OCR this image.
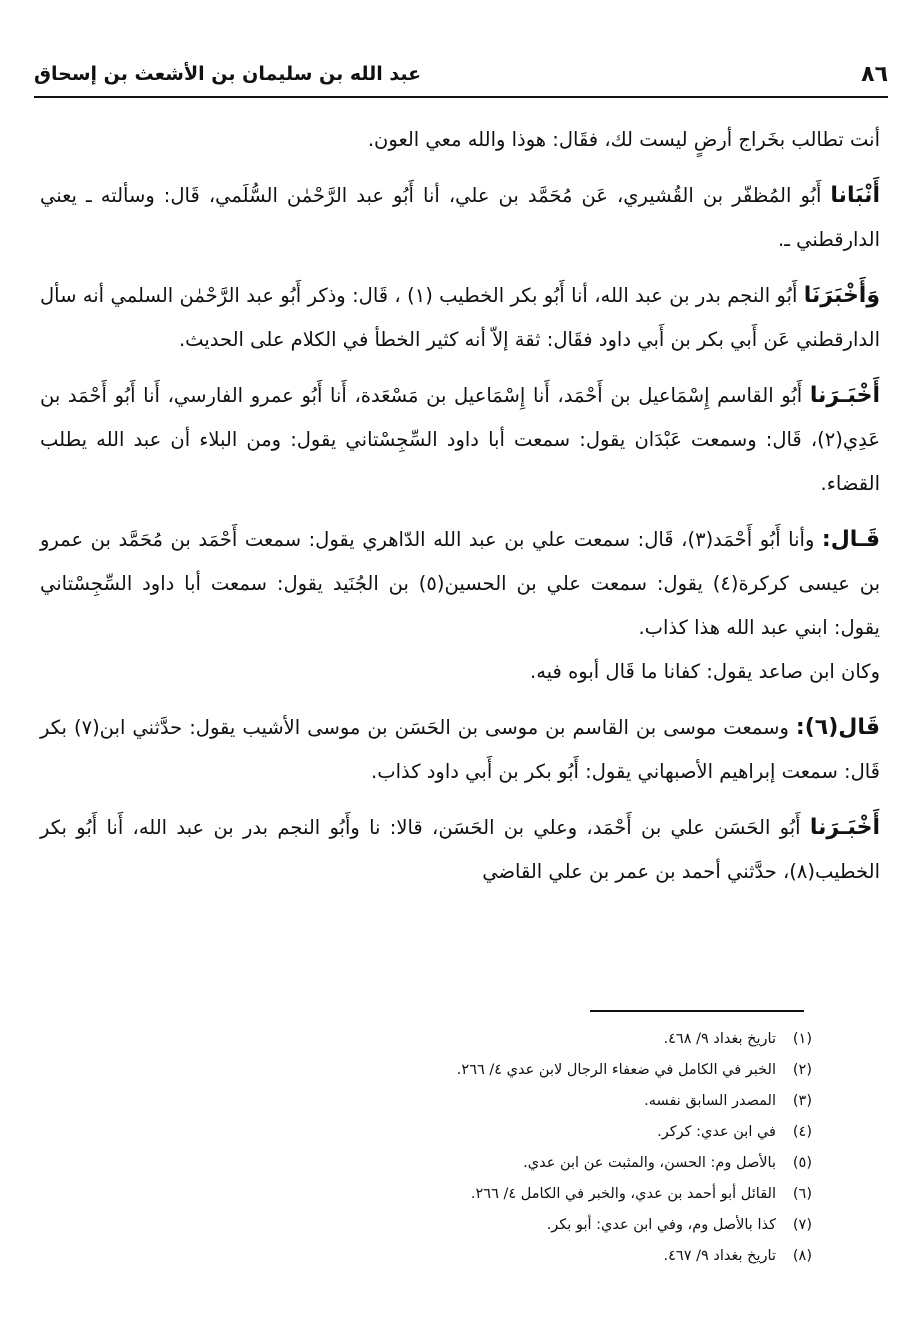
٨٦
عبد الله بن سليمان بن الأشعث بن إسحاق

أنت تطالب بخَراج أرضٍ ليست لك، فقَال: هوذا والله معي العون.

أَنْبَانا أَبُو المُظفّر بن القُشيري، عَن مُحَمَّد بن علي، أنا أَبُو عبد الرَّحْمٰن السُّلَمي، قَال: وسألته ـ يعني الدارقطني ـ.

وَأَخْبَرَنَا أَبُو النجم بدر بن عبد الله، أنا أَبُو بكر الخطيب (١) ، قَال: وذكر أَبُو عبد الرَّحْمٰن السلمي أنه سأل الدارقطني عَن أَبي بكر بن أَبي داود فقَال: ثقة إلاّ أنه كثير الخطأ في الكلام على الحديث.

أَخْبَـرَنا أَبُو القاسم إِسْمَاعيل بن أَحْمَد، أَنا إِسْمَاعيل بن مَسْعَدة، أَنا أَبُو عمرو الفارسي، أَنا أَبُو أَحْمَد بن عَدِي(٢)، قَال: وسمعت عَبْدَان يقول: سمعت أبا داود السِّجِسْتاني يقول: ومن البلاء أن عبد الله يطلب القضاء.

قَـال: وأنا أَبُو أَحْمَد(٣)، قَال: سمعت علي بن عبد الله الدّاهري يقول: سمعت أَحْمَد بن مُحَمَّد بن عمرو بن عيسى كركرة(٤) يقول: سمعت علي بن الحسين(٥) بن الجُنَيد يقول: سمعت أبا داود السِّجِسْتاني يقول: ابني عبد الله هذا كذاب.

وكان ابن صاعد يقول: كفانا ما قَال أبوه فيه.

قَال(٦): وسمعت موسى بن القاسم بن موسى بن الحَسَن بن موسى الأشيب يقول: حدَّثني ابن(٧) بكر قَال: سمعت إبراهيم الأصبهاني يقول: أَبُو بكر بن أَبي داود كذاب.

أَخْبَـرَنا أَبُو الحَسَن علي بن أَحْمَد، وعلي بن الحَسَن، قالا: نا وأَبُو النجم بدر بن عبد الله، أَنا أَبُو بكر الخطيب(٨)، حدَّثني أحمد بن عمر بن علي القاضي

(١)
تاريخ بغداد ٩/ ٤٦٨.
(٢)
الخبر في الكامل في ضعفاء الرجال لابن عدي ٤/ ٢٦٦.
(٣)
المصدر السابق نفسه.
(٤)
في ابن عدي: كركر.
(٥)
بالأصل وم: الحسن، والمثبت عن ابن عدي.
(٦)
القائل أبو أحمد بن عدي، والخبر في الكامل ٤/ ٢٦٦.
(٧)
كذا بالأصل وم، وفي ابن عدي: أبو بكر.
(٨)
تاريخ بغداد ٩/ ٤٦٧.
